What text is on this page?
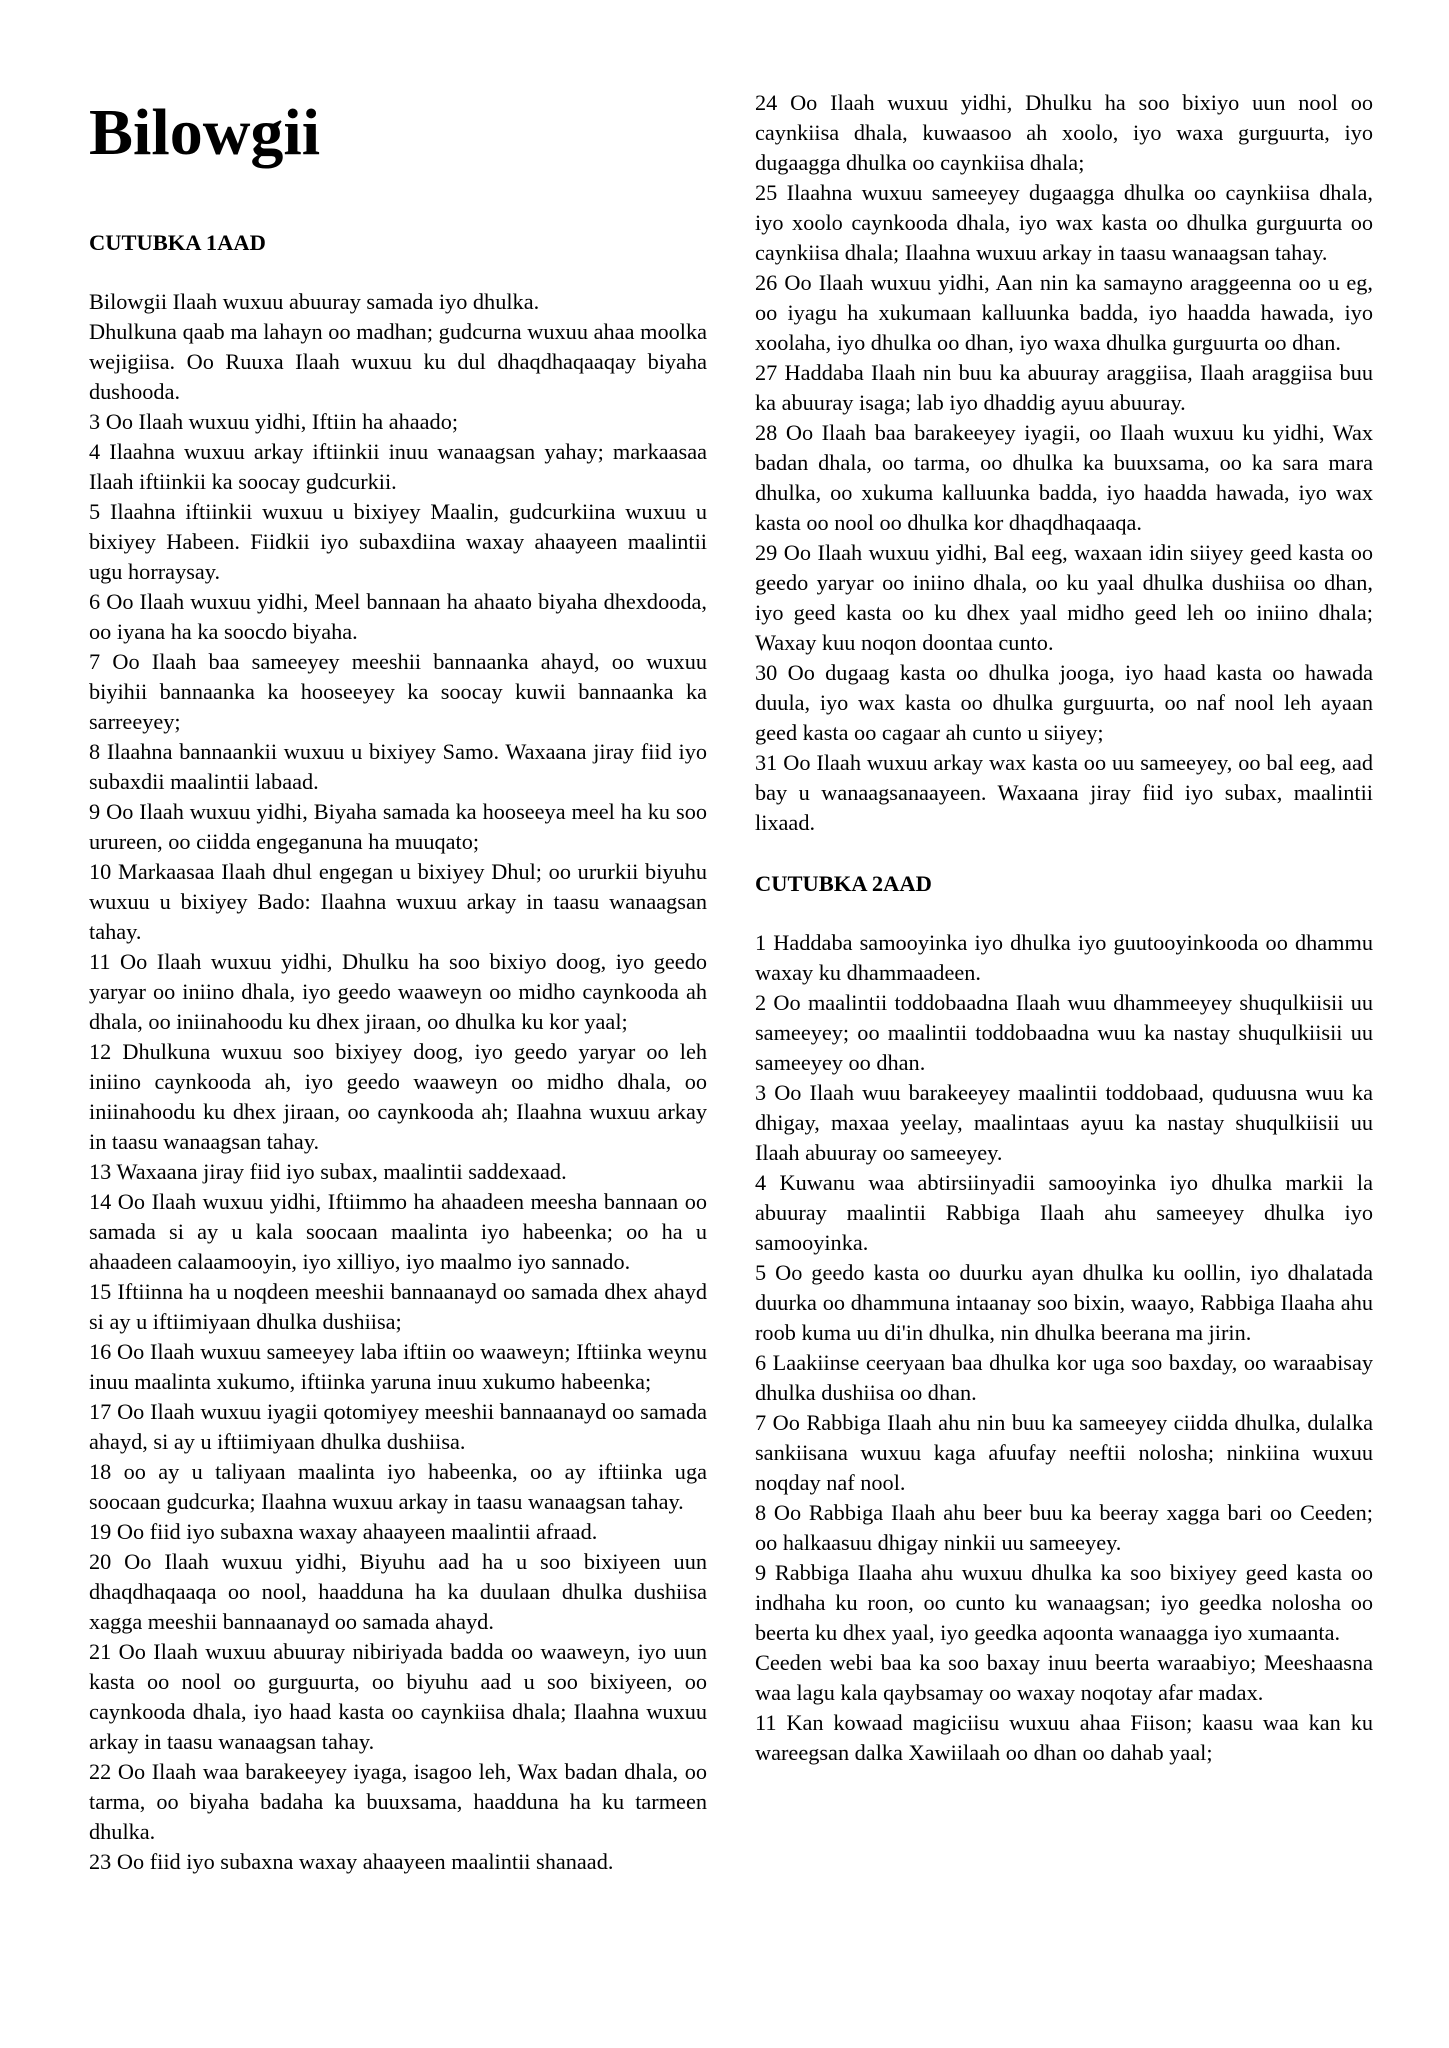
Bilowgii
CUTUBKA 1AAD

Bilowgii Ilaah wuxuu abuuray samada iyo dhulka.

Dhulkuna qaab ma lahayn oo madhan; gudcurna wuxuu ahaa moolka wejigiisa. Oo Ruuxa Ilaah wuxuu ku dul dhaqdhaqaaqay biyaha dushooda.

3 Oo Ilaah wuxuu yidhi, Iftiin ha ahaado;

4 Ilaahna wuxuu arkay iftiinkii inuu wanaagsan yahay; markaasaa Ilaah iftiinkii ka soocay gudcurkii.

5 Ilaahna iftiinkii wuxuu u bixiyey Maalin, gudcurkiina wuxuu u bixiyey Habeen. Fiidkii iyo subaxdiina waxay ahaayeen maalintii ugu horraysay.

6 Oo Ilaah wuxuu yidhi, Meel bannaan ha ahaato biyaha dhexdooda, oo iyana ha ka soocdo biyaha.

7 Oo Ilaah baa sameeyey meeshii bannaanka ahayd, oo wuxuu biyihii bannaanka ka hooseeyey ka soocay kuwii bannaanka ka sarreeyey;

8 Ilaahna bannaankii wuxuu u bixiyey Samo. Waxaana jiray fiid iyo subaxdii maalintii labaad.

9 Oo Ilaah wuxuu yidhi, Biyaha samada ka hooseeya meel ha ku soo urureen, oo ciidda engeganuna ha muuqato;

10 Markaasaa Ilaah dhul engegan u bixiyey Dhul; oo ururkii biyuhu wuxuu u bixiyey Bado: Ilaahna wuxuu arkay in taasu wanaagsan tahay.

11 Oo Ilaah wuxuu yidhi, Dhulku ha soo bixiyo doog, iyo geedo yaryar oo iniino dhala, iyo geedo waaweyn oo midho caynkooda ah dhala, oo iniinahoodu ku dhex jiraan, oo dhulka ku kor yaal;

12 Dhulkuna wuxuu soo bixiyey doog, iyo geedo yaryar oo leh iniino caynkooda ah, iyo geedo waaweyn oo midho dhala, oo iniinahoodu ku dhex jiraan, oo caynkooda ah; Ilaahna wuxuu arkay in taasu wanaagsan tahay.

13 Waxaana jiray fiid iyo subax, maalintii saddexaad.

14 Oo Ilaah wuxuu yidhi, Iftiimmo ha ahaadeen meesha bannaan oo samada si ay u kala soocaan maalinta iyo habeenka; oo ha u ahaadeen calaamooyin, iyo xilliyo, iyo maalmo iyo sannado.

15 Iftiinna ha u noqdeen meeshii bannaanayd oo samada dhex ahayd si ay u iftiimiyaan dhulka dushiisa;

16 Oo Ilaah wuxuu sameeyey laba iftiin oo waaweyn; Iftiinka weynu inuu maalinta xukumo, iftiinka yaruna inuu xukumo habeenka;

17 Oo Ilaah wuxuu iyagii qotomiyey meeshii bannaanayd oo samada ahayd, si ay u iftiimiyaan dhulka dushiisa.

18 oo ay u taliyaan maalinta iyo habeenka, oo ay iftiinka uga soocaan gudcurka; Ilaahna wuxuu arkay in taasu wanaagsan tahay.

19 Oo fiid iyo subaxna waxay ahaayeen maalintii afraad.

20 Oo Ilaah wuxuu yidhi, Biyuhu aad ha u soo bixiyeen uun dhaqdhaqaaqa oo nool, haadduna ha ka duulaan dhulka dushiisa xagga meeshii bannaanayd oo samada ahayd.

21 Oo Ilaah wuxuu abuuray nibiriyada badda oo waaweyn, iyo uun kasta oo nool oo gurguurta, oo biyuhu aad u soo bixiyeen, oo caynkooda dhala, iyo haad kasta oo caynkiisa dhala; Ilaahna wuxuu arkay in taasu wanaagsan tahay.

22 Oo Ilaah waa barakeeyey iyaga, isagoo leh, Wax badan dhala, oo tarma, oo biyaha badaha ka buuxsama, haadduna ha ku tarmeen dhulka.

23 Oo fiid iyo subaxna waxay ahaayeen maalintii shanaad.

24 Oo Ilaah wuxuu yidhi, Dhulku ha soo bixiyo uun nool oo caynkiisa dhala, kuwaasoo ah xoolo, iyo waxa gurguurta, iyo dugaagga dhulka oo caynkiisa dhala;

25 Ilaahna wuxuu sameeyey dugaagga dhulka oo caynkiisa dhala, iyo xoolo caynkooda dhala, iyo wax kasta oo dhulka gurguurta oo caynkiisa dhala; Ilaahna wuxuu arkay in taasu wanaagsan tahay.

26 Oo Ilaah wuxuu yidhi, Aan nin ka samayno araggeenna oo u eg, oo iyagu ha xukumaan kalluunka badda, iyo haadda hawada, iyo xoolaha, iyo dhulka oo dhan, iyo waxa dhulka gurguurta oo dhan.

27 Haddaba Ilaah nin buu ka abuuray araggiisa, Ilaah araggiisa buu ka abuuray isaga; lab iyo dhaddig ayuu abuuray.

28 Oo Ilaah baa barakeeyey iyagii, oo Ilaah wuxuu ku yidhi, Wax badan dhala, oo tarma, oo dhulka ka buuxsama, oo ka sara mara dhulka, oo xukuma kalluunka badda, iyo haadda hawada, iyo wax kasta oo nool oo dhulka kor dhaqdhaqaaqa.

29 Oo Ilaah wuxuu yidhi, Bal eeg, waxaan idin siiyey geed kasta oo geedo yaryar oo iniino dhala, oo ku yaal dhulka dushiisa oo dhan, iyo geed kasta oo ku dhex yaal midho geed leh oo iniino dhala; Waxay kuu noqon doontaa cunto.

30 Oo dugaag kasta oo dhulka jooga, iyo haad kasta oo hawada duula, iyo wax kasta oo dhulka gurguurta, oo naf nool leh ayaan geed kasta oo cagaar ah cunto u siiyey;

31 Oo Ilaah wuxuu arkay wax kasta oo uu sameeyey, oo bal eeg, aad bay u wanaagsanaayeen. Waxaana jiray fiid iyo subax, maalintii lixaad.

CUTUBKA 2AAD

1 Haddaba samooyinka iyo dhulka iyo guutooyinkooda oo dhammu waxay ku dhammaadeen.

2 Oo maalintii toddobaadna Ilaah wuu dhammeeyey shuqulkiisii uu sameeyey; oo maalintii toddobaadna wuu ka nastay shuqulkiisii uu sameeyey oo dhan.

3 Oo Ilaah wuu barakeeyey maalintii toddobaad, quduusna wuu ka dhigay, maxaa yeelay, maalintaas ayuu ka nastay shuqulkiisii uu Ilaah abuuray oo sameeyey.

4 Kuwanu waa abtirsiinyadii samooyinka iyo dhulka markii la abuuray maalintii Rabbiga Ilaah ahu sameeyey dhulka iyo samooyinka.

5 Oo geedo kasta oo duurku ayan dhulka ku oollin, iyo dhalatada duurka oo dhammuna intaanay soo bixin, waayo, Rabbiga Ilaaha ahu roob kuma uu di'in dhulka, nin dhulka beerana ma jirin.

6 Laakiinse ceeryaan baa dhulka kor uga soo baxday, oo waraabisay dhulka dushiisa oo dhan.

7 Oo Rabbiga Ilaah ahu nin buu ka sameeyey ciidda dhulka, dulalka sankiisana wuxuu kaga afuufay neeftii nolosha; ninkiina wuxuu noqday naf nool.

8 Oo Rabbiga Ilaah ahu beer buu ka beeray xagga bari oo Ceeden; oo halkaasuu dhigay ninkii uu sameeyey.

9 Rabbiga Ilaaha ahu wuxuu dhulka ka soo bixiyey geed kasta oo indhaha ku roon, oo cunto ku wanaagsan; iyo geedka nolosha oo beerta ku dhex yaal, iyo geedka aqoonta wanaagga iyo xumaanta.

Ceeden webi baa ka soo baxay inuu beerta waraabiyo; Meeshaasna waa lagu kala qaybsamay oo waxay noqotay afar madax.

11 Kan kowaad magiciisu wuxuu ahaa Fiison; kaasu waa kan ku wareegsan dalka Xawiilaah oo dhan oo dahab yaal;
